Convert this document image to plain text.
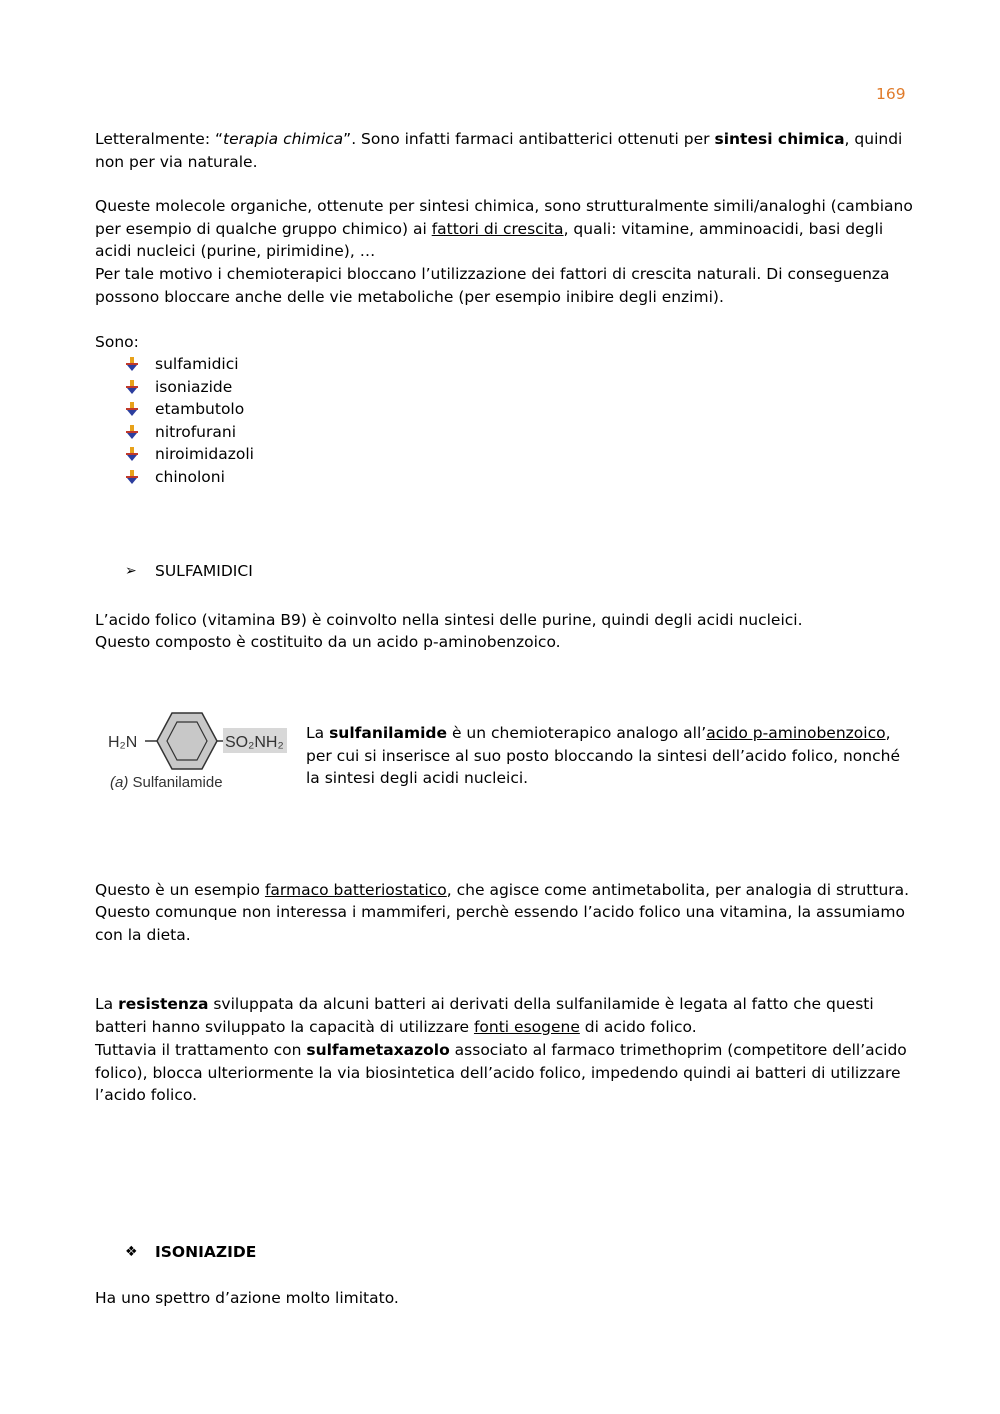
169

Letteralmente: “terapia chimica”. Sono infatti farmaci antibatterici ottenuti per sintesi chimica, quindi non per via naturale.

Queste molecole organiche, ottenute per sintesi chimica, sono strutturalmente simili/analoghi (cambiano per esempio di qualche gruppo chimico) ai fattori di crescita, quali: vitamine, amminoacidi, basi degli acidi nucleici (purine, pirimidine), …

Per tale motivo i chemioterapici bloccano l’utilizzazione dei fattori di crescita naturali. Di conseguenza possono bloccare anche delle vie metaboliche (per esempio inibire degli enzimi).

Sono:

sulfamidici
isoniazide
etambutolo
nitrofurani
niroimidazoli
chinoloni
➢	SULFAMIDICI

L’acido folico (vitamina B9) è coinvolto nella sintesi delle purine, quindi degli acidi nucleici.

Questo composto è costituito da un acido p-aminobenzoico.

H₂N	SO₂NH₂
(a) Sulfanilamide

La sulfanilamide è un chemioterapico analogo all’acido p-aminobenzoico, per cui si inserisce al suo posto bloccando la sintesi dell’acido folico, nonché la sintesi degli acidi nucleici.

Questo è un esempio farmaco batteriostatico, che agisce come antimetabolita, per analogia di struttura.

Questo comunque non interessa i mammiferi, perchè essendo l’acido folico una vitamina, la assumiamo con la dieta.

La resistenza sviluppata da alcuni batteri ai derivati della sulfanilamide è legata al fatto che questi batteri hanno sviluppato la capacità di utilizzare fonti esogene di acido folico.

Tuttavia il trattamento con sulfametaxazolo associato al farmaco trimethoprim (competitore dell’acido folico), blocca ulteriormente la via biosintetica dell’acido folico, impedendo quindi ai batteri di utilizzare l’acido folico.

❖	ISONIAZIDE

Ha uno spettro d’azione molto limitato.
